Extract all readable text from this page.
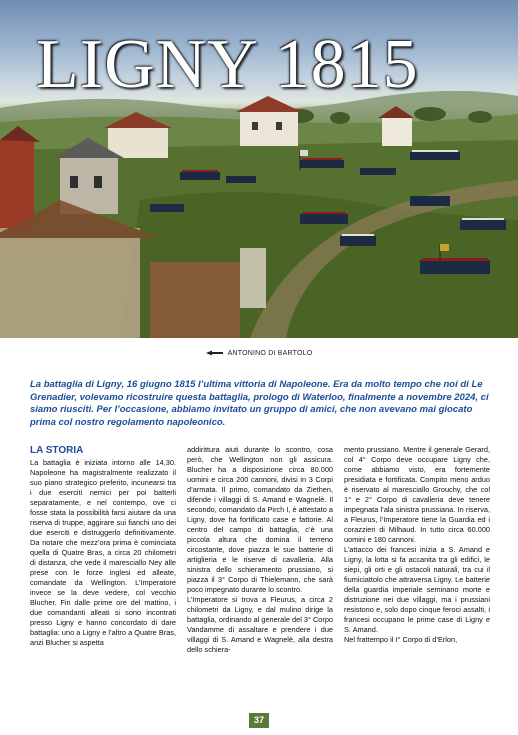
LIGNY 1815
ANTONINO DI BARTOLO

La battaglia di Ligny, 16 giugno 1815 l’ultima vittoria di Napoleone. Era da molto tempo che noi di Le Grenadier, volevamo ricostruire questa battaglia, prologo di Waterloo, finalmente a novembre 2024, ci siamo riusciti. Per l’occasione, abbiamo invitato un gruppo di amici, che non avevano mai giocato prima col nostro regolamento napoleonico.

LA STORIA

La battaglia è iniziata intorno alle 14,30. Napoleone ha magistralmente realizzato il suo piano strategico preferito, incunearsi tra i due eserciti nemici per poi batterli separatamente, e nel contempo, ove ci fosse stata la possibilità farsi aiutare da una riserva di truppe, aggirare sui fianchi uno dei due eserciti e distruggerlo definitivamente. Da notare che mezz’ora prima è cominciata quella di Quatre Bras, a circa 20 chilometri di distanza, che vede il maresciallo Ney alle prese con le forze inglesi ed alleate, comandate da Wellington. L’Imperatore invece se la deve vedere, col vecchio Blucher. Fin dalle prime ore del mattino, i due comandanti alleati si sono incontrati presso Ligny e hanno concordato di dare battaglia: uno a Ligny e l’altro a Quatre Bras, anzi Blucher si aspetta

addirittura aiuti durante lo scontro, cosa però, che Wellington non gli assicura. Blucher ha a disposizione circa 80.000 uomini e circa 200 cannoni, divisi in 3 Corpi d’armata. Il primo, comandato da Ziethen, difende i villaggi di S. Amand e Wagnelè. Il secondo, comandato da Pirch I, è attestato a Ligny, dove ha fortificato case e fattorie. Al centro del campo di battaglia, c’è una piccola altura che domina il terreno circostante, dove piazza le sue batterie di artiglieria e le riserve di cavalleria. Alla sinistra dello schieramento prussiano, si piazza il 3° Corpo di Thielemann, che sarà poco impegnato durante lo scontro.

L’Imperatore si trova a Fleurus, a circa 2 chilometri da Ligny, e dal mulino dirige la battaglia, ordinando al generale del 3° Corpo Vandamme di assaltare e prendere i due villaggi di S. Amand e Wagnelè, alla destra dello schiera-

mento prussiano. Mentre il generale Gerard, col 4° Corpo deve occupare Ligny che, come abbiamo visto, era fortemente presidiata e fortificata. Compito meno arduo è riservato al maresciallo Grouchy, che col 1° e 2° Corpo di cavalleria deve tenere impegnata l’ala sinistra prussiana. In riserva, a Fleurus, l’Imperatore tiene la Guardia ed i corazzieri di Milhaud. In tutto circa 60.000 uomini e 180 cannoni.

L’attacco dei francesi inizia a S. Amand e Ligny, la lotta si fa accanita tra gli edifici, le siepi, gli orti e gli ostacoli naturali, tra cui il fiumiciattolo che attraversa Ligny. Le batterie della guardia imperiale seminano morte e distruzione nei due villaggi, ma i prussiani resistono e, solo dopo cinque feroci assalti, i francesi occupano le prime case di Ligny e S. Amand.

Nel frattempo il I° Corpo di d’Erlon,

37
